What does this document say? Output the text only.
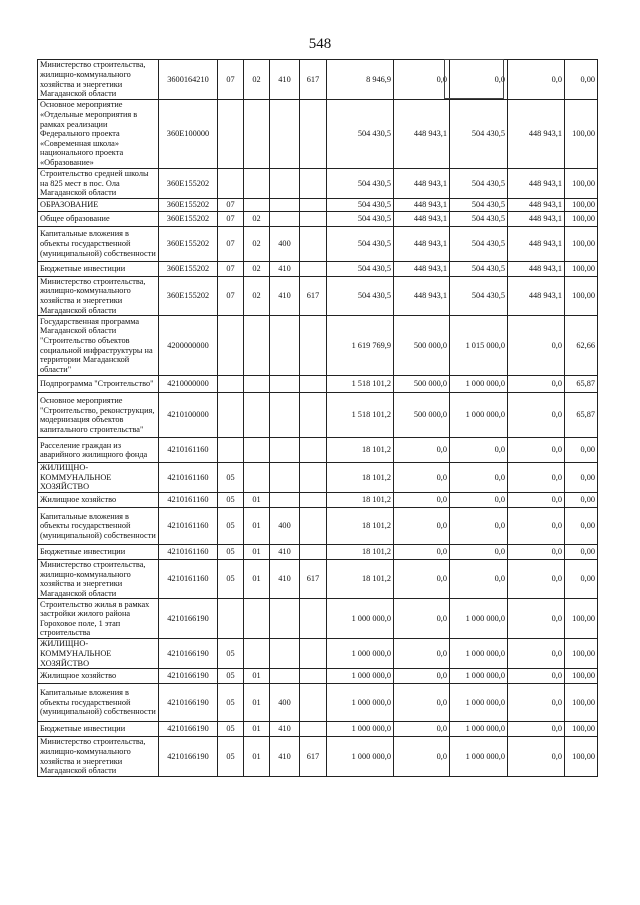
548
Министерство строительства, жилищно-коммунального хозяйства и энергетики Магаданской области	3600164210	07	02	410	617	8 946,9	0,0	0,0	0,0	0,00
Основное мероприятие «Отдельные мероприятия в рамках реализации Федерального проекта «Современная школа» национального проекта «Образование»	360E100000					504 430,5	448 943,1	504 430,5	448 943,1	100,00
Строительство средней школы на 825 мест в пос. Ола Магаданской области	360E155202					504 430,5	448 943,1	504 430,5	448 943,1	100,00
ОБРАЗОВАНИЕ	360E155202	07				504 430,5	448 943,1	504 430,5	448 943,1	100,00
Общее образование	360E155202	07	02			504 430,5	448 943,1	504 430,5	448 943,1	100,00
Капитальные вложения в объекты государственной (муниципальной) собственности	360E155202	07	02	400		504 430,5	448 943,1	504 430,5	448 943,1	100,00
Бюджетные инвестиции	360E155202	07	02	410		504 430,5	448 943,1	504 430,5	448 943,1	100,00
Министерство строительства, жилищно-коммунального хозяйства и энергетики Магаданской области	360E155202	07	02	410	617	504 430,5	448 943,1	504 430,5	448 943,1	100,00
Государственная программа Магаданской области "Строительство объектов социальной инфраструктуры на территории Магаданской области"	4200000000					1 619 769,9	500 000,0	1 015 000,0	0,0	62,66
Подпрограмма "Строительство"	4210000000					1 518 101,2	500 000,0	1 000 000,0	0,0	65,87
Основное мероприятие "Строительство, реконструкция, модернизация объектов капитального строительства"	4210100000					1 518 101,2	500 000,0	1 000 000,0	0,0	65,87
Расселение граждан из аварийного жилищного фонда	4210161160					18 101,2	0,0	0,0	0,0	0,00
ЖИЛИЩНО-КОММУНАЛЬНОЕ ХОЗЯЙСТВО	4210161160	05				18 101,2	0,0	0,0	0,0	0,00
Жилищное хозяйство	4210161160	05	01			18 101,2	0,0	0,0	0,0	0,00
Капитальные вложения в объекты государственной (муниципальной) собственности	4210161160	05	01	400		18 101,2	0,0	0,0	0,0	0,00
Бюджетные инвестиции	4210161160	05	01	410		18 101,2	0,0	0,0	0,0	0,00
Министерство строительства, жилищно-коммунального хозяйства и энергетики Магаданской области	4210161160	05	01	410	617	18 101,2	0,0	0,0	0,0	0,00
Строительство жилья в рамках застройки жилого района Гороховое поле, 1 этап строительства	4210166190					1 000 000,0	0,0	1 000 000,0	0,0	100,00
ЖИЛИЩНО-КОММУНАЛЬНОЕ ХОЗЯЙСТВО	4210166190	05				1 000 000,0	0,0	1 000 000,0	0,0	100,00
Жилищное хозяйство	4210166190	05	01			1 000 000,0	0,0	1 000 000,0	0,0	100,00
Капитальные вложения в объекты государственной (муниципальной) собственности	4210166190	05	01	400		1 000 000,0	0,0	1 000 000,0	0,0	100,00
Бюджетные инвестиции	4210166190	05	01	410		1 000 000,0	0,0	1 000 000,0	0,0	100,00
Министерство строительства, жилищно-коммунального хозяйства и энергетики Магаданской области	4210166190	05	01	410	617	1 000 000,0	0,0	1 000 000,0	0,0	100,00
